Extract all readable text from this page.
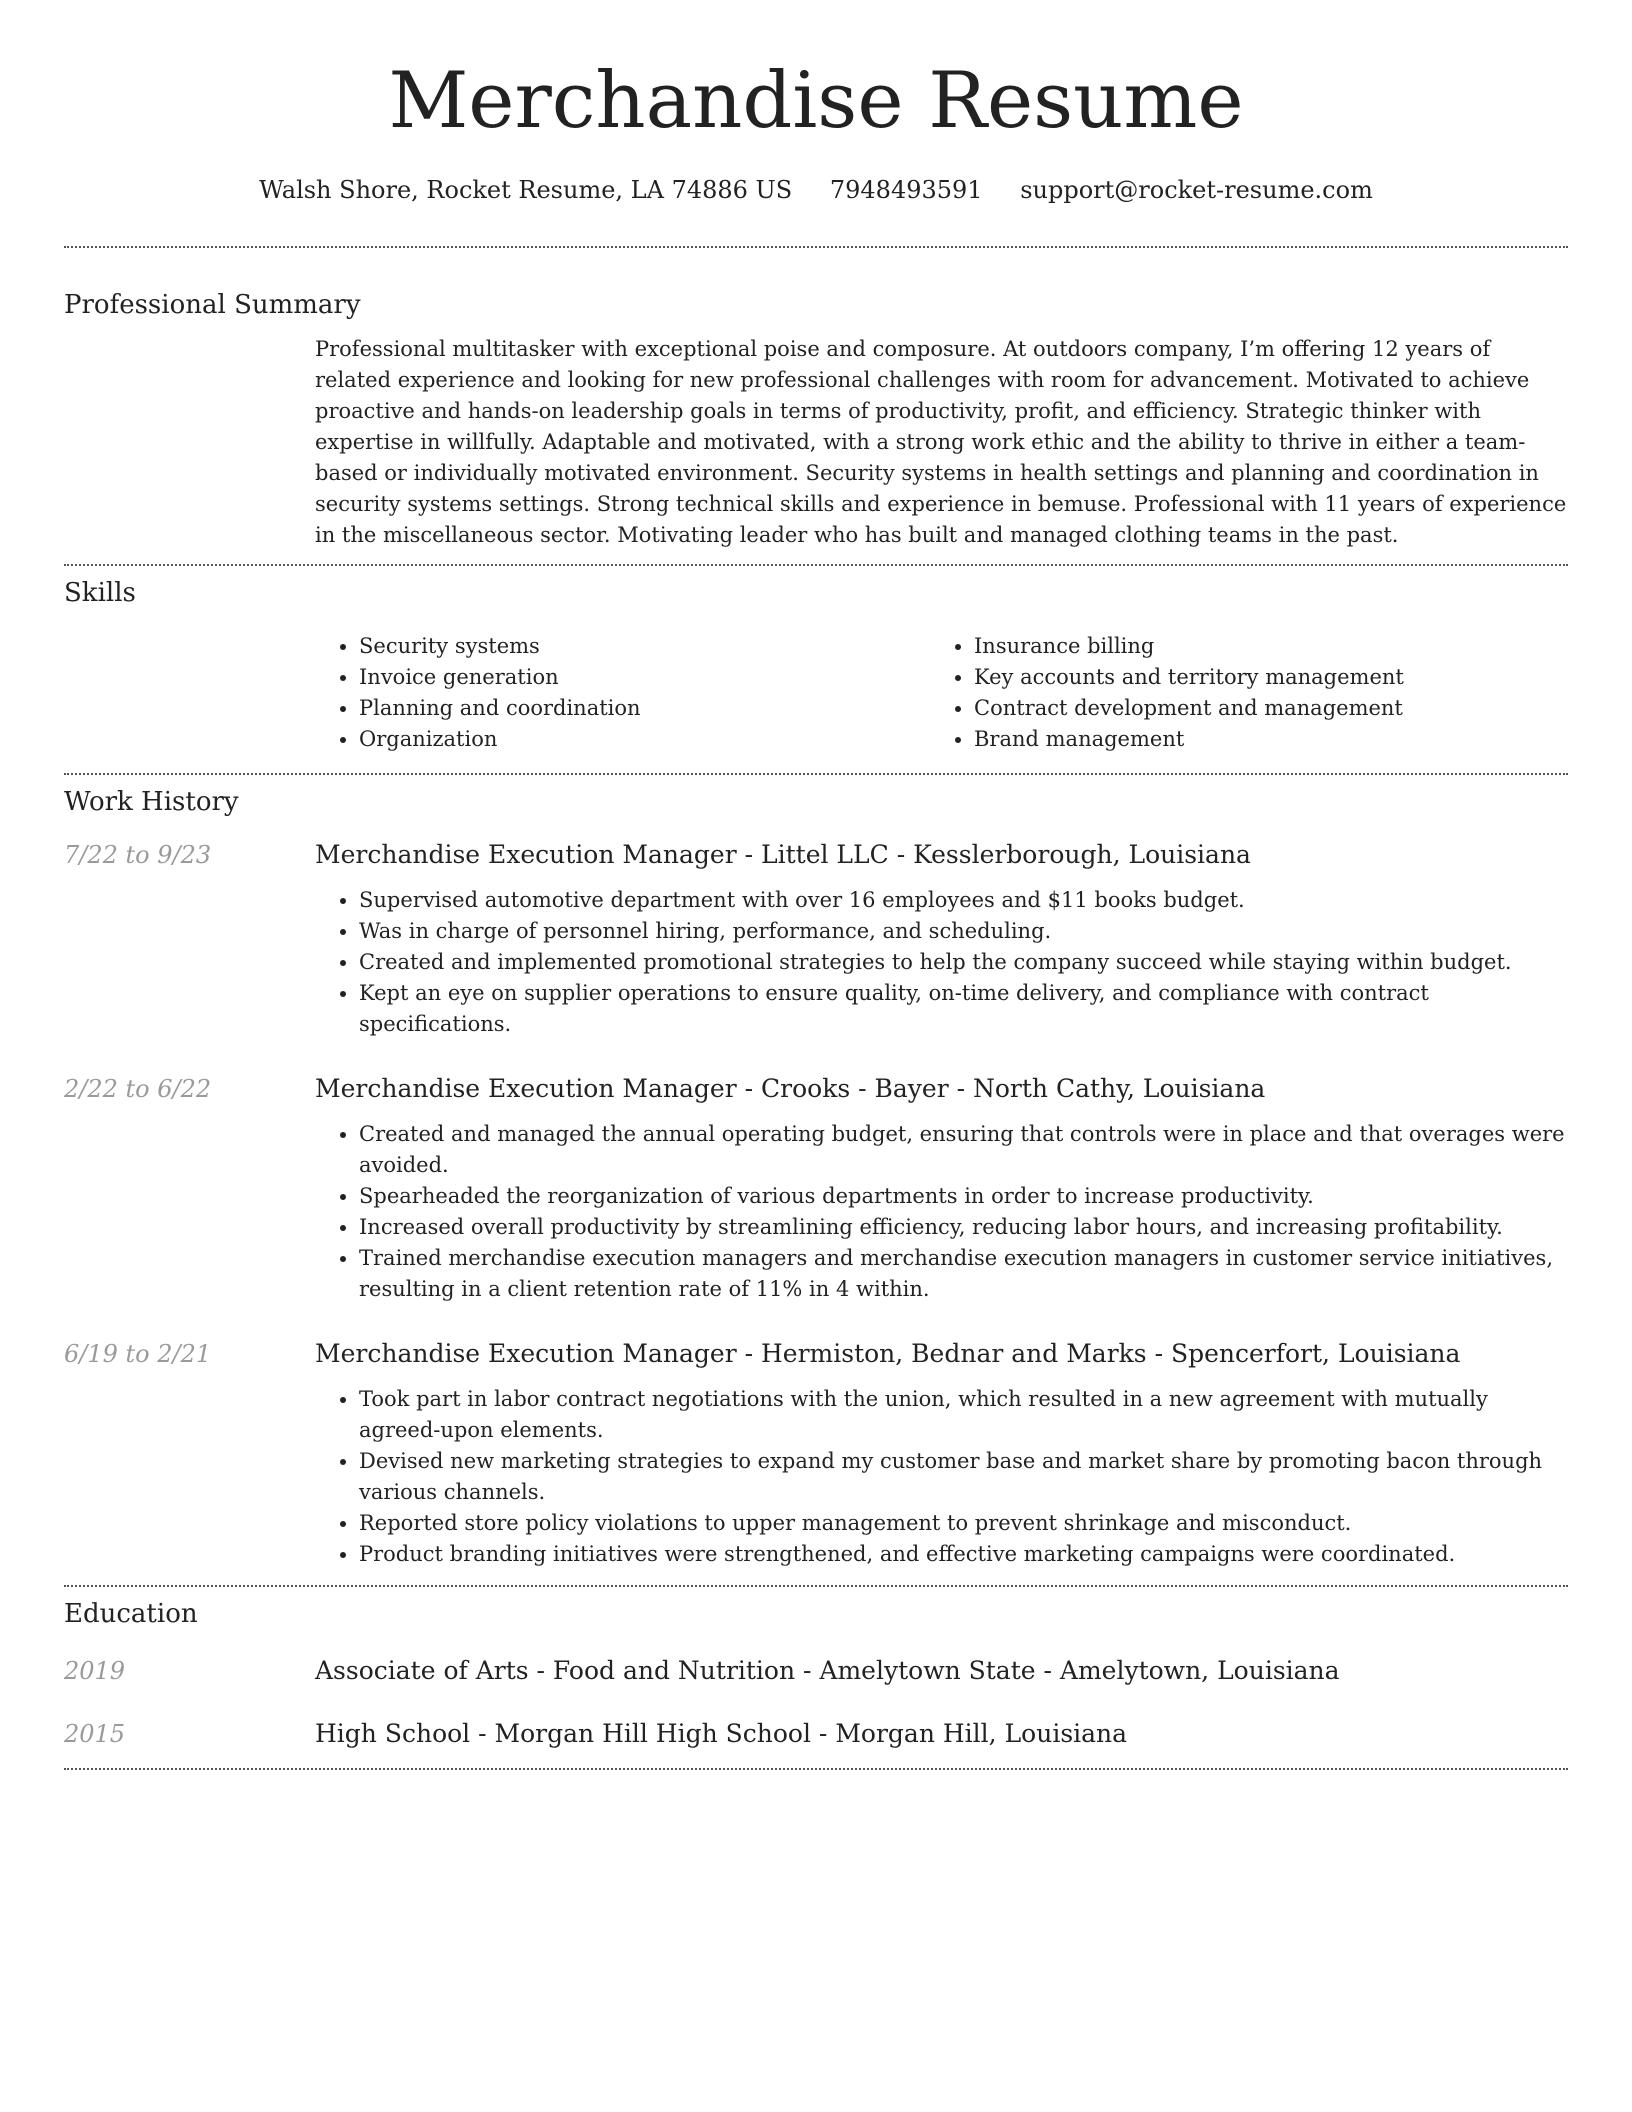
Merchandise Resume
Walsh Shore, Rocket Resume, LA 74886 US 7948493591 support@rocket-resume.com
Professional Summary
Professional multitasker with exceptional poise and composure. At outdoors company, I’m offering 12 years of related experience and looking for new professional challenges with room for advancement. Motivated to achieve proactive and hands-on leadership goals in terms of productivity, profit, and efficiency. Strategic thinker with expertise in willfully. Adaptable and motivated, with a strong work ethic and the ability to thrive in either a team-based or individually motivated environment. Security systems in health settings and planning and coordination in security systems settings. Strong technical skills and experience in bemuse. Professional with 11 years of experience in the miscellaneous sector. Motivating leader who has built and managed clothing teams in the past.
Skills
• Security systems
• Invoice generation
• Planning and coordination
• Organization
• Insurance billing
• Key accounts and territory management
• Contract development and management
• Brand management
Work History
7/22 to 9/23	Merchandise Execution Manager - Littel LLC - Kesslerborough, Louisiana
• Supervised automotive department with over 16 employees and $11 books budget.
• Was in charge of personnel hiring, performance, and scheduling.
• Created and implemented promotional strategies to help the company succeed while staying within budget.
• Kept an eye on supplier operations to ensure quality, on-time delivery, and compliance with contract specifications.
2/22 to 6/22	Merchandise Execution Manager - Crooks - Bayer - North Cathy, Louisiana
• Created and managed the annual operating budget, ensuring that controls were in place and that overages were avoided.
• Spearheaded the reorganization of various departments in order to increase productivity.
• Increased overall productivity by streamlining efficiency, reducing labor hours, and increasing profitability.
• Trained merchandise execution managers and merchandise execution managers in customer service initiatives, resulting in a client retention rate of 11% in 4 within.
6/19 to 2/21	Merchandise Execution Manager - Hermiston, Bednar and Marks - Spencerfort, Louisiana
• Took part in labor contract negotiations with the union, which resulted in a new agreement with mutually agreed-upon elements.
• Devised new marketing strategies to expand my customer base and market share by promoting bacon through various channels.
• Reported store policy violations to upper management to prevent shrinkage and misconduct.
• Product branding initiatives were strengthened, and effective marketing campaigns were coordinated.
Education
2019	Associate of Arts - Food and Nutrition - Amelytown State - Amelytown, Louisiana
2015	High School - Morgan Hill High School - Morgan Hill, Louisiana
